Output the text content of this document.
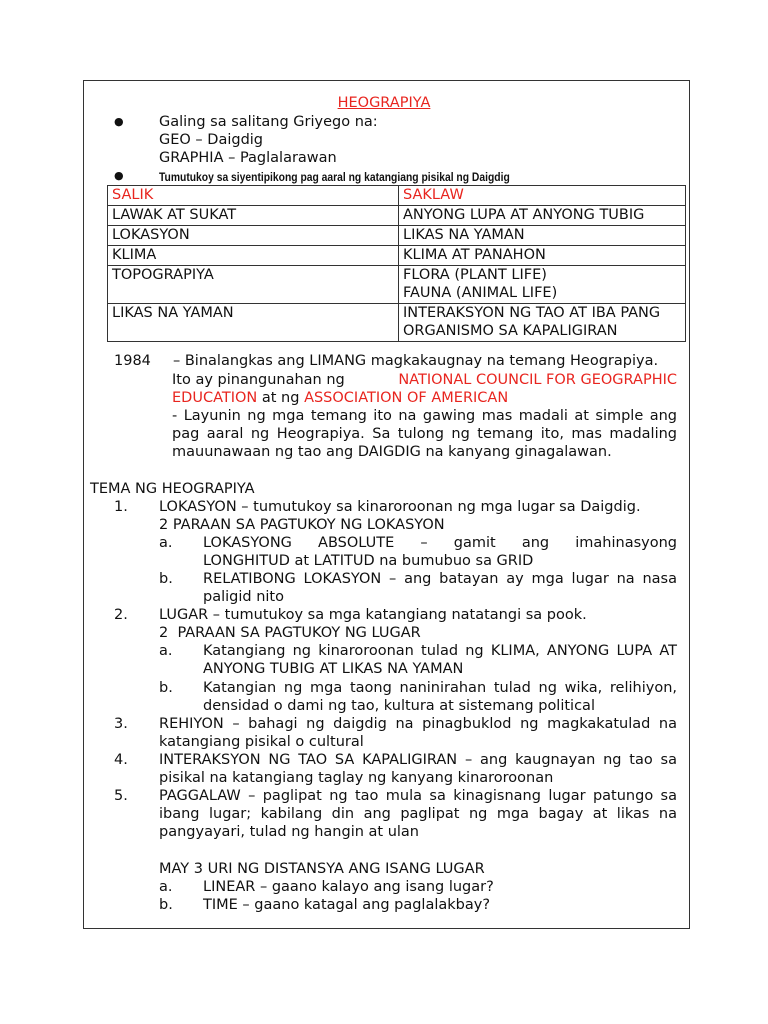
HEOGRAPIYA
● Galing sa salitang Griyego na:
GEO – Daigdig
GRAPHIA – Paglalarawan
●	Tumutukoy sa siyentipikong pag aaral ng katangiang pisikal ng Daigdig
SALIK	SAKLAW
LAWAK AT SUKAT	ANYONG LUPA AT ANYONG TUBIG

LOKASYON	LIKAS NA YAMAN

KLIMA	KLIMA AT PANAHON

TOPOGRAPIYA	FLORA (PLANT LIFE)
FAUNA (ANIMAL LIFE)

LIKAS NA YAMAN	INTERAKSYON NG TAO AT IBA PANG
ORGANISMO SA KAPALIGIRAN
1984 – Binalangkas ang LIMANG magkakaugnay na temang Heograpiya.
Ito ay pinangunahan ng	NATIONAL COUNCIL FOR GEOGRAPHIC
EDUCATION at ng ASSOCIATION OF AMERICAN
- Layunin ng mga temang ito na gawing mas madali at simple ang
pag aaral ng Heograpiya. Sa tulong ng temang ito, mas madaling
mauunawaan ng tao ang DAIGDIG na kanyang ginagalawan.
TEMA NG HEOGRAPIYA
1. LOKASYON – tumutukoy sa kinaroroonan ng mga lugar sa Daigdig.
2 PARAAN SA PAGTUKOY NG LOKASYON
a. LOKASYONG ABSOLUTE – gamit ang imahinasyong
LONGHITUD at LATITUD na bumubuo sa GRID
b. RELATIBONG LOKASYON – ang batayan ay mga lugar na nasa
paligid nito
2. LUGAR – tumutukoy sa mga katangiang natatangi sa pook.
2  PARAAN SA PAGTUKOY NG LUGAR
a. Katangiang ng kinaroroonan tulad ng KLIMA, ANYONG LUPA AT
ANYONG TUBIG AT LIKAS NA YAMAN
b. Katangian ng mga taong naninirahan tulad ng wika, relihiyon,
densidad o dami ng tao, kultura at sistemang political
3. REHIYON – bahagi ng daigdig na pinagbuklod ng magkakatulad na
katangiang pisikal o cultural
4. INTERAKSYON NG TAO SA KAPALIGIRAN – ang kaugnayan ng tao sa
pisikal na katangiang taglay ng kanyang kinaroroonan
5. PAGGALAW – paglipat ng tao mula sa kinagisnang lugar patungo sa
ibang lugar; kabilang din ang paglipat ng mga bagay at likas na
pangyayari, tulad ng hangin at ulan
MAY 3 URI NG DISTANSYA ANG ISANG LUGAR
a. LINEAR – gaano kalayo ang isang lugar?
b. TIME – gaano katagal ang paglalakbay?
